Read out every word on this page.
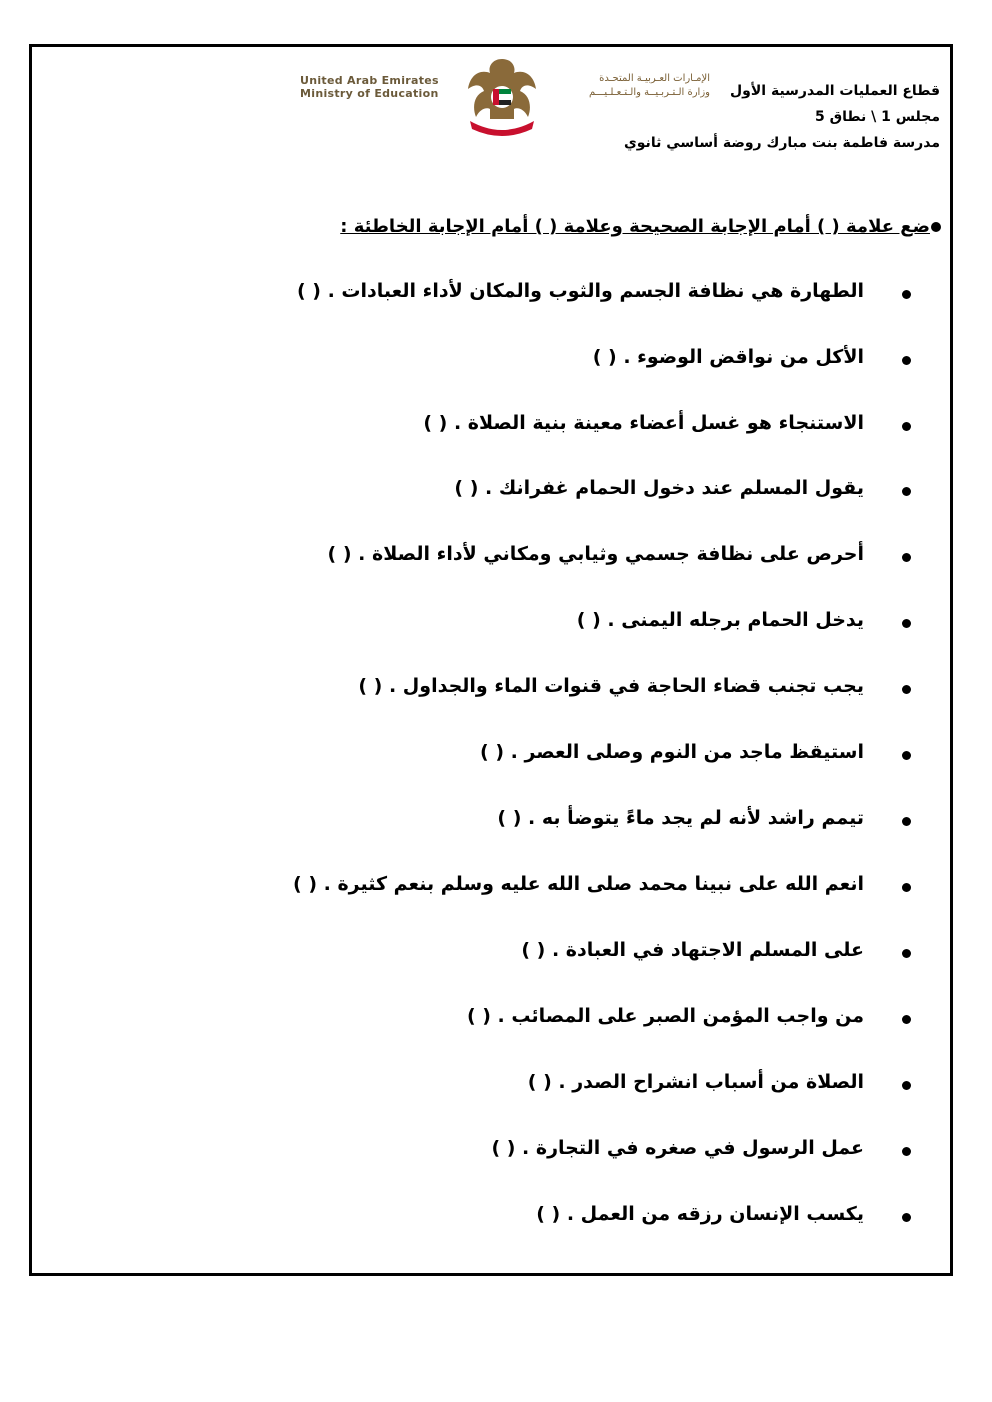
قطاع العمليات المدرسية الأول
مجلس 1 \ نطاق 5
مدرسة فاطمة بنت مبارك روضة أساسي ثانوي
United Arab Emirates
Ministry of Education
الإمـارات العـربيـة المتحـدة
وزارة الـتـربـيــة والـتـعـلـيـــم
ضع علامة ( ) أمام الإجابة الصحيحة وعلامة ( ) أمام الإجابة الخاطئة :
الطهارة هي نظافة الجسم والثوب والمكان لأداء العبادات . ( )
الأكل من نواقض الوضوء . ( )
الاستنجاء هو غسل أعضاء معينة بنية الصلاة . ( )
يقول المسلم عند دخول الحمام غفرانك . ( )
أحرص على نظافة جسمي وثيابي ومكاني لأداء الصلاة . ( )
يدخل الحمام برجله اليمنى . ( )
يجب تجنب قضاء الحاجة في قنوات الماء والجداول . ( )
استيقظ ماجد من النوم وصلى العصر . ( )
تيمم راشد لأنه لم يجد ماءً يتوضأ به . ( )
انعم الله على نبينا محمد صلى الله عليه وسلم بنعم كثيرة . ( )
على المسلم الاجتهاد في العبادة . ( )
من واجب المؤمن الصبر على المصائب . ( )
الصلاة من أسباب انشراح الصدر . ( )
عمل الرسول في صغره في التجارة . ( )
يكسب الإنسان رزقه من العمل . ( )
